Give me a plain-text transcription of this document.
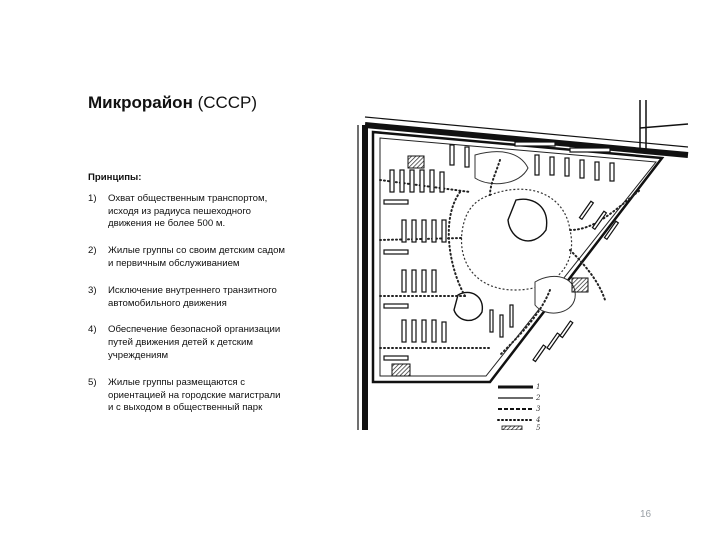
Микрорайон (СССР)
Принципы:
1)	Охват общественным транспортом, исходя из радиуса пешеходного движения не более 500 м.
2)	Жилые группы со своим детским садом и первичным обслуживанием
3)	Исключение внутреннего транзитного автомобильного движения
4)	Обеспечение безопасной организации путей движения детей к детским учреждениям
5)	Жилые группы размещаются с ориентацией на городские магистрали и с выходом в общественный парк
1
2
3
4
5
16
